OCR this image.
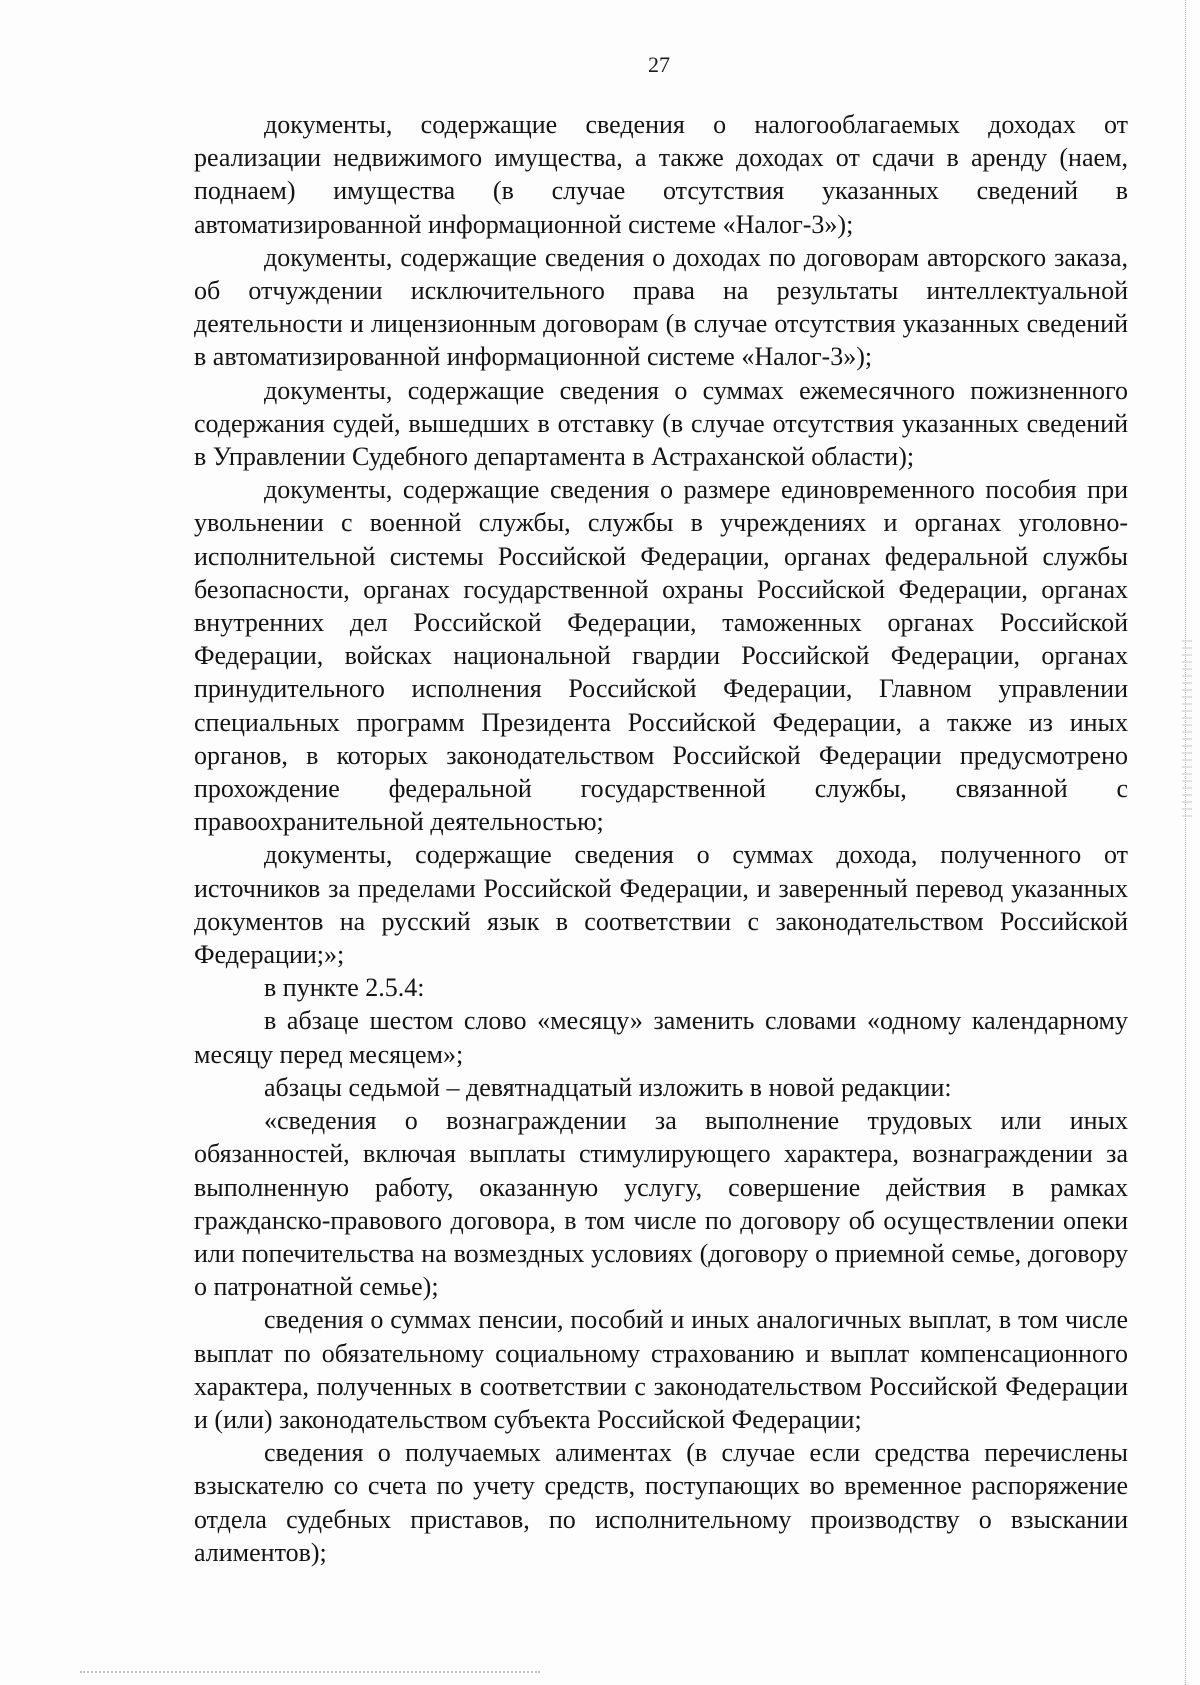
27

документы, содержащие сведения о налогооблагаемых доходах от реализации недвижимого имущества, а также доходах от сдачи в аренду (наем, поднаем) имущества (в случае отсутствия указанных сведений в автоматизированной информационной системе «Налог-3»);

документы, содержащие сведения о доходах по договорам авторского заказа, об отчуждении исключительного права на результаты интеллектуальной деятельности и лицензионным договорам (в случае отсутствия указанных сведений в автоматизированной информационной системе «Налог-3»);

документы, содержащие сведения о суммах ежемесячного пожизненного содержания судей, вышедших в отставку (в случае отсутствия указанных сведений в Управлении Судебного департамента в Астраханской области);

документы, содержащие сведения о размере единовременного пособия при увольнении с военной службы, службы в учреждениях и органах уголовно-исполнительной системы Российской Федерации, органах федеральной службы безопасности, органах государственной охраны Российской Федерации, органах внутренних дел Российской Федерации, таможенных органах Российской Федерации, войсках национальной гвардии Российской Федерации, органах принудительного исполнения Российской Федерации, Главном управлении специальных программ Президента Российской Федерации, а также из иных органов, в которых законодательством Российской Федерации предусмотрено прохождение федеральной государственной службы, связанной с правоохранительной деятельностью;

документы, содержащие сведения о суммах дохода, полученного от источников за пределами Российской Федерации, и заверенный перевод указанных документов на русский язык в соответствии с законодательством Российской Федерации;»;

в пункте 2.5.4:

в абзаце шестом слово «месяцу» заменить словами «одному календарному месяцу перед месяцем»;

абзацы седьмой – девятнадцатый изложить в новой редакции:

«сведения о вознаграждении за выполнение трудовых или иных обязанностей, включая выплаты стимулирующего характера, вознаграждении за выполненную работу, оказанную услугу, совершение действия в рамках гражданско-правового договора, в том числе по договору об осуществлении опеки или попечительства на возмездных условиях (договору о приемной семье, договору о патронатной семье);

сведения о суммах пенсии, пособий и иных аналогичных выплат, в том числе выплат по обязательному социальному страхованию и выплат компенсационного характера, полученных в соответствии с законодательством Российской Федерации и (или) законодательством субъекта Российской Федерации;

сведения о получаемых алиментах (в случае если средства перечислены взыскателю со счета по учету средств, поступающих во временное распоряжение отдела судебных приставов, по исполнительному производству о взыскании алиментов);
